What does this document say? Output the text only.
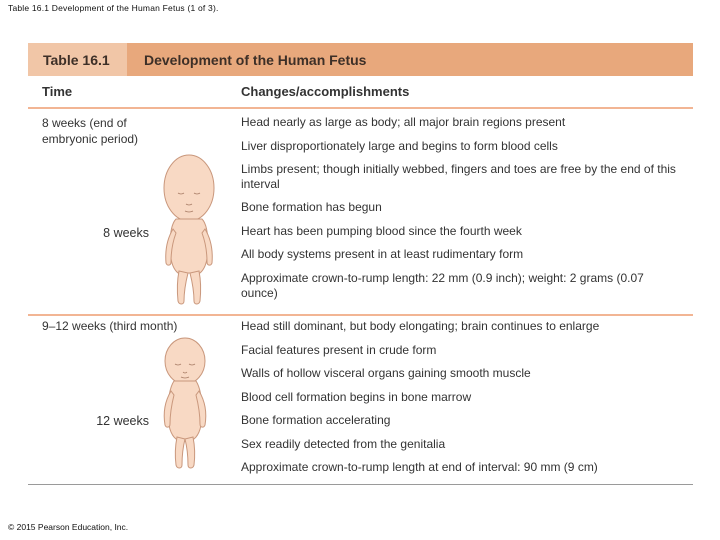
Table 16.1 Development of the Human Fetus (1 of 3).
Table 16.1	Development of the Human Fetus
Time	Changes/accomplishments
8 weeks (end of embryonic period)
8 weeks
Head nearly as large as body; all major brain regions present
Liver disproportionately large and begins to form blood cells
Limbs present; though initially webbed, fingers and toes are free by the end of this interval
Bone formation has begun
Heart has been pumping blood since the fourth week
All body systems present in at least rudimentary form
Approximate crown-to-rump length: 22 mm (0.9 inch); weight: 2 grams (0.07 ounce)
9–12 weeks (third month)
12 weeks
Head still dominant, but body elongating; brain continues to enlarge
Facial features present in crude form
Walls of hollow visceral organs gaining smooth muscle
Blood cell formation begins in bone marrow
Bone formation accelerating
Sex readily detected from the genitalia
Approximate crown-to-rump length at end of interval: 90 mm (9 cm)
© 2015 Pearson Education, Inc.
